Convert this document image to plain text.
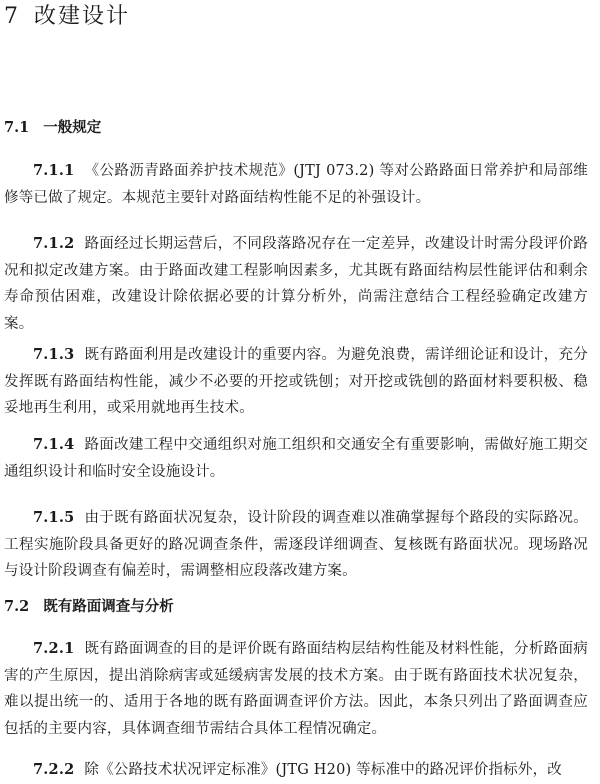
7 改建设计
7.1 一般规定

7.1.1 《公路沥青路面养护技术规范》(JTJ 073.2) 等对公路路面日常养护和局部维修等已做了规定。本规范主要针对路面结构性能不足的补强设计。

7.1.2 路面经过长期运营后，不同段落路况存在一定差异，改建设计时需分段评价路况和拟定改建方案。由于路面改建工程影响因素多，尤其既有路面结构层性能评估和剩余寿命预估困难，改建设计除依据必要的计算分析外，尚需注意结合工程经验确定改建方案。

7.1.3 既有路面利用是改建设计的重要内容。为避免浪费，需详细论证和设计，充分发挥既有路面结构性能，减少不必要的开挖或铣刨；对开挖或铣刨的路面材料要积极、稳妥地再生利用，或采用就地再生技术。

7.1.4 路面改建工程中交通组织对施工组织和交通安全有重要影响，需做好施工期交通组织设计和临时安全设施设计。

7.1.5 由于既有路面状况复杂，设计阶段的调查难以准确掌握每个路段的实际路况。工程实施阶段具备更好的路况调查条件，需逐段详细调查、复核既有路面状况。现场路况与设计阶段调查有偏差时，需调整相应段落改建方案。

7.2 既有路面调查与分析

7.2.1 既有路面调查的目的是评价既有路面结构层结构性能及材料性能，分析路面病害的产生原因，提出消除病害或延缓病害发展的技术方案。由于既有路面技术状况复杂，难以提出统一的、适用于各地的既有路面调查评价方法。因此，本条只列出了路面调查应包括的主要内容，具体调查细节需结合具体工程情况确定。

7.2.2 除《公路技术状况评定标准》(JTG H20) 等标准中的路况评价指标外，改
